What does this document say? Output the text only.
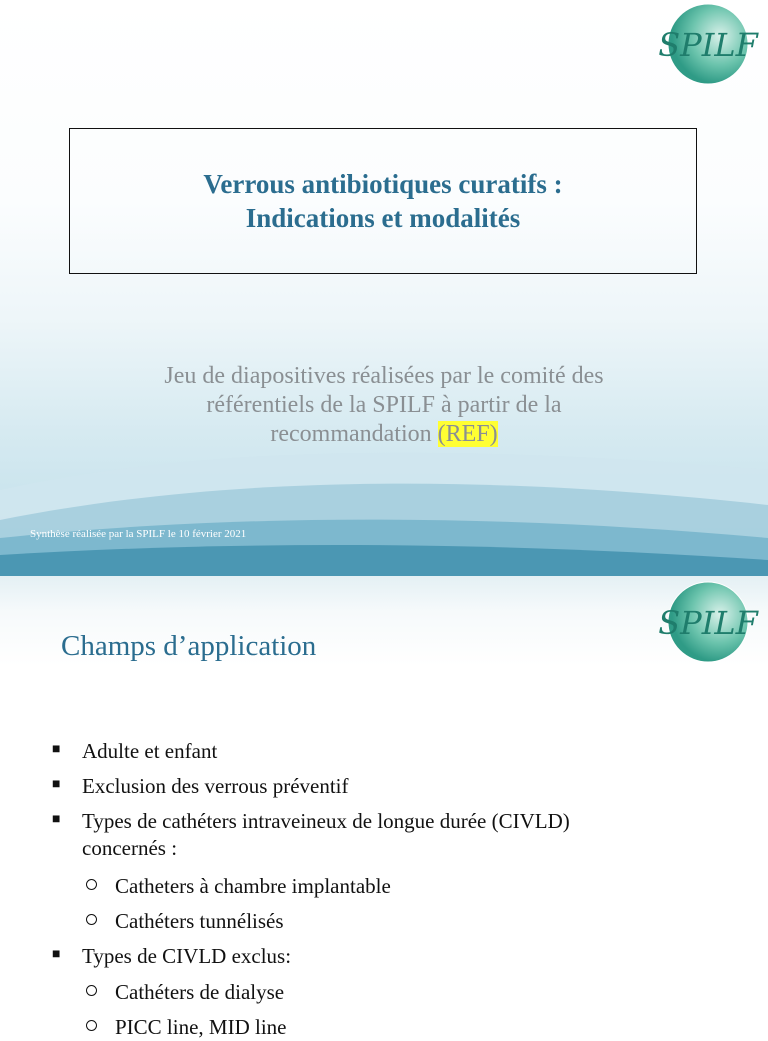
SPILF
Verrous antibiotiques curatifs :
Indications et modalités
Jeu de diapositives réalisées par le comité des
référentiels de la SPILF à partir de la
recommandation (REF)
Synthèse réalisée par la SPILF le 10 février 2021
SPILF
Champs d’application
■ Adulte et enfant
■ Exclusion des verrous préventif
■ Types de cathéters intraveineux de longue durée (CIVLD)
concernés :
Catheters à chambre implantable
Cathéters tunnélisés
■ Types de CIVLD exclus:
Cathéters de dialyse
PICC line, MID line
